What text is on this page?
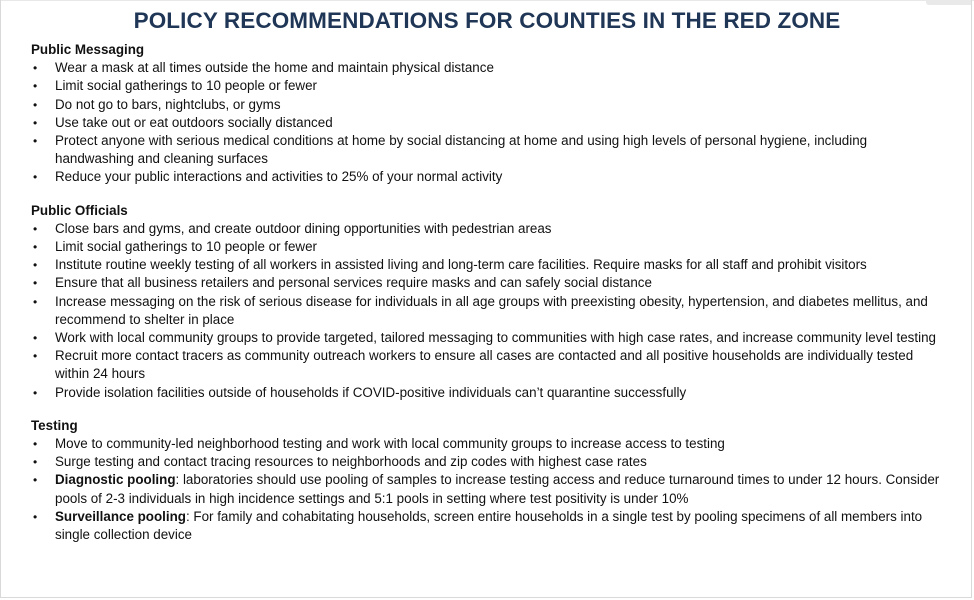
POLICY RECOMMENDATIONS FOR COUNTIES IN THE RED ZONE

Public Messaging

• Wear a mask at all times outside the home and maintain physical distance
• Limit social gatherings to 10 people or fewer
• Do not go to bars, nightclubs, or gyms
• Use take out or eat outdoors socially distanced
• Protect anyone with serious medical conditions at home by social distancing at home and using high levels of personal hygiene, including handwashing and cleaning surfaces
• Reduce your public interactions and activities to 25% of your normal activity

Public Officials

• Close bars and gyms, and create outdoor dining opportunities with pedestrian areas
• Limit social gatherings to 10 people or fewer
• Institute routine weekly testing of all workers in assisted living and long-term care facilities. Require masks for all staff and prohibit visitors
• Ensure that all business retailers and personal services require masks and can safely social distance
• Increase messaging on the risk of serious disease for individuals in all age groups with preexisting obesity, hypertension, and diabetes mellitus, and recommend to shelter in place
• Work with local community groups to provide targeted, tailored messaging to communities with high case rates, and increase community level testing
• Recruit more contact tracers as community outreach workers to ensure all cases are contacted and all positive households are individually tested within 24 hours
• Provide isolation facilities outside of households if COVID-positive individuals can’t quarantine successfully

Testing

• Move to community-led neighborhood testing and work with local community groups to increase access to testing
• Surge testing and contact tracing resources to neighborhoods and zip codes with highest case rates
• Diagnostic pooling: laboratories should use pooling of samples to increase testing access and reduce turnaround times to under 12 hours. Consider pools of 2-3 individuals in high incidence settings and 5:1 pools in setting where test positivity is under 10%
• Surveillance pooling: For family and cohabitating households, screen entire households in a single test by pooling specimens of all members into single collection device
